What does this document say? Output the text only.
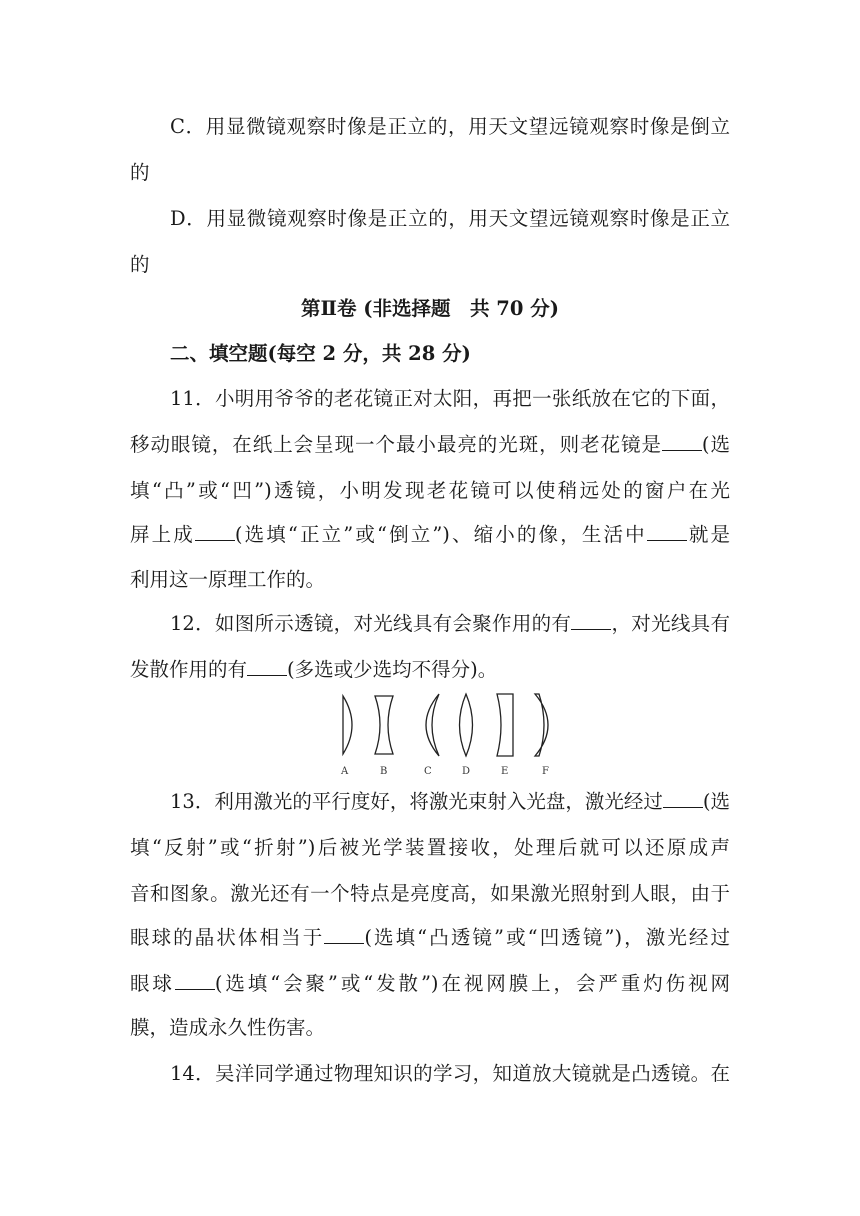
C．用显微镜观察时像是正立的，用天文望远镜观察时像是倒立
的
D．用显微镜观察时像是正立的，用天文望远镜观察时像是正立
的
第Ⅱ卷 (非选择题　共 70 分)
二、填空题(每空 2 分，共 28 分)
11．小明用爷爷的老花镜正对太阳，再把一张纸放在它的下面，
移动眼镜，在纸上会呈现一个最小最亮的光斑，则老花镜是 (选
填“凸”或“凹”)透镜，小明发现老花镜可以使稍远处的窗户在光
屏上成 (选填“正立”或“倒立”)、缩小的像，生活中 就是
利用这一原理工作的。
12．如图所示透镜，对光线具有会聚作用的有 ，对光线具有
发散作用的有 (多选或少选均不得分)。
A	B	C	D	E	F
13．利用激光的平行度好，将激光束射入光盘，激光经过 (选
填“反射”或“折射”)后被光学装置接收，处理后就可以还原成声
音和图象。激光还有一个特点是亮度高，如果激光照射到人眼，由于
眼球的晶状体相当于 (选填“凸透镜”或“凹透镜”)，激光经过
眼球 (选填“会聚”或“发散”)在视网膜上，会严重灼伤视网
膜，造成永久性伤害。
14．吴洋同学通过物理知识的学习，知道放大镜就是凸透镜。在
